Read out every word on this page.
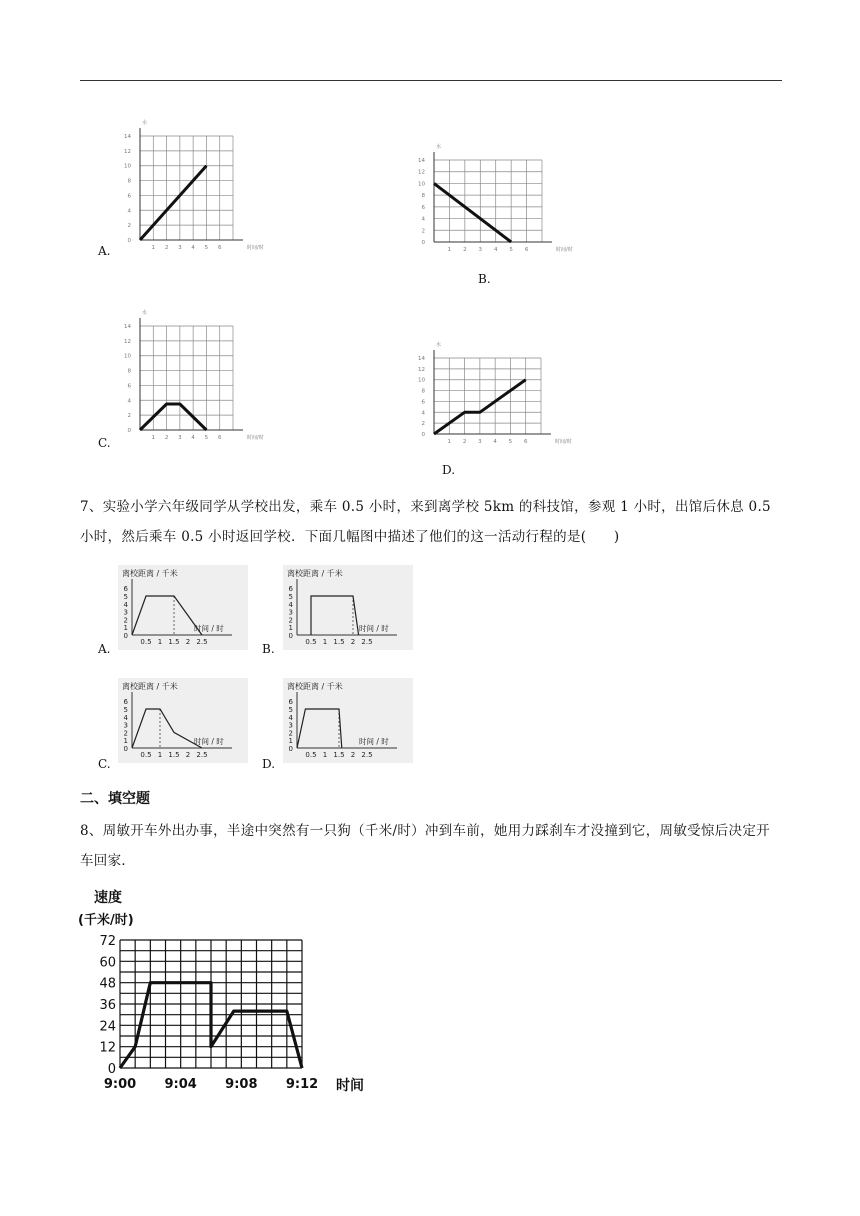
水
0
2
4
6
8
10
12
14
1 2 3 4 5 6	时间/时
A.
水
0
2
4
6
8
10
12
14
1 2 3 4 5 6	时间/时
B.
水
0
2
4
6
8
10
12
14
1 2 3 4 5 6	时间/时
C.
水
0
2
4
6
8
10
12
14
1 2 3 4 5 6	时间/时
D.
7、实验小学六年级同学从学校出发，乘车 0.5 小时，来到离学校 5km 的科技馆，参观 1 小时，出馆后休息 0.5 小时，然后乘车 0.5 小时返回学校．下面几幅图中描述了他们的这一活动行程的是(　　)
离校距离 / 千米
时间 / 时
0
1
2
3
4
5
6
0.5 1 1.5 2 2.5
A.
离校距离 / 千米
时间 / 时
0
1
2
3
4
5
6
0.5 1 1.5 2 2.5
B.
离校距离 / 千米
时间 / 时
0
1
2
3
4
5
6
0.5 1 1.5 2 2.5
C.
离校距离 / 千米
时间 / 时
0
1
2
3
4
5
6
0.5 1 1.5 2 2.5
D.
二、填空题
8、周敏开车外出办事，半途中突然有一只狗（千米/时）冲到车前，她用力踩刹车才没撞到它，周敏受惊后决定开车回家．
速度
(千米/时)
0
12
24
36
48
60
72
9:00 9:04 9:08 9:12 时间
